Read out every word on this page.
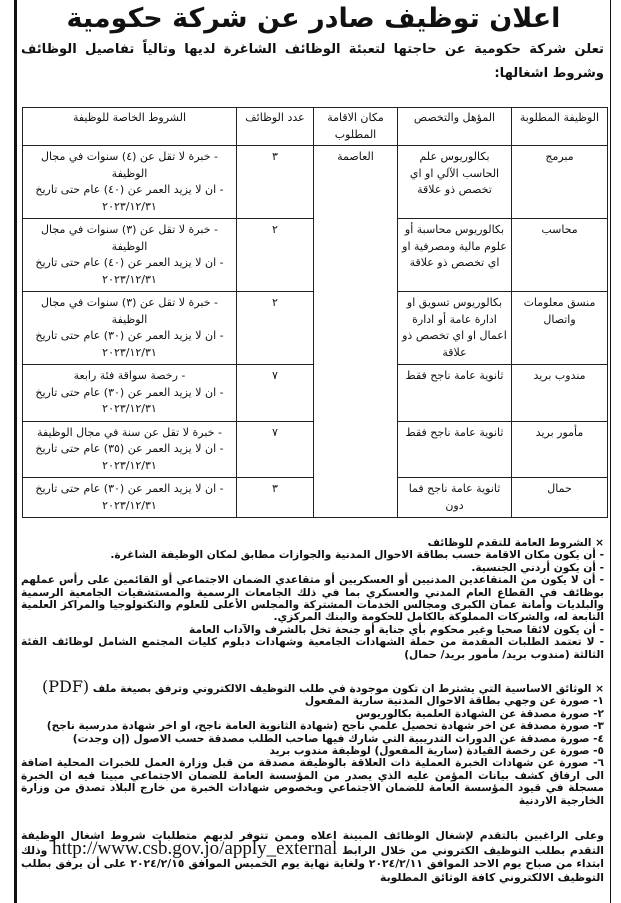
اعلان توظيف صادر عن شركة حكومية
تعلن شركة حكومية عن حاجتها لتعبئة الوظائف الشاغرة لديها وتالياً تفاصيل الوظائف وشروط اشغالها:
الوظيفة المطلوبة	المؤهل والتخصص	مكان الاقامة المطلوب	عدد الوظائف	الشروط الخاصة للوظيفة
مبرمج	بكالوريوس علم الحاسب الآلي او اي تخصص ذو علاقة	العاصمة	٣	- خبرة لا تقل عن (٤) سنوات في مجال الوظيفة
- ان لا يزيد العمر عن (٤٠) عام حتى تاريخ ٢٠٢٣/١٢/٣١

محاسب	بكالوريوس محاسبة أو علوم مالية ومصرفية او اي تخصص ذو علاقة		٢	- خبرة لا تقل عن (٣) سنوات في مجال الوظيفة
- ان لا يزيد العمر عن (٤٠) عام حتى تاريخ ٢٠٢٣/١٢/٣١

منسق معلومات واتصال	بكالوريوس تسويق او ادارة عامة أو ادارة اعمال او اي تخصص ذو علاقة		٢	- خبرة لا تقل عن (٣) سنوات في مجال الوظيفة
- ان لا يزيد العمر عن (٣٠) عام حتى تاريخ ٢٠٢٣/١٢/٣١

مندوب بريد	ثانوية عامة ناجح فقط		٧	- رخصة سواقة فئة رابعة
- ان لا يزيد العمر عن (٣٠) عام حتى تاريخ ٢٠٢٣/١٢/٣١

مأمور بريد	ثانوية عامة ناجح فقط		٧	- خبرة لا تقل عن سنة في مجال الوظيفة
- ان لا يزيد العمر عن (٣٥) عام حتى تاريخ ٢٠٢٣/١٢/٣١

حمال	ثانوية عامة ناجح فما دون		٣	- ان لا يزيد العمر عن (٣٠) عام حتى تاريخ ٢٠٢٣/١٢/٣١
× الشروط العامة للتقدم للوظائف
- أن يكون مكان الاقامة حسب بطاقة الاحوال المدنية والجوازات مطابق لمكان الوظيفة الشاغرة.
- أن يكون أردني الجنسية.
- أن لا يكون من المتقاعدين المدنيين أو العسكريين أو متقاعدي الضمان الاجتماعي أو القائمين على رأس عملهم بوظائف في القطاع العام المدني والعسكري بما في ذلك الجامعات الرسمية والمستشفيات الجامعية الرسمية والبلديات وأمانة عمان الكبرى ومجالس الخدمات المشتركة والمجلس الأعلى للعلوم والتكنولوجيا والمراكز العلمية التابعة له، والشركات المملوكة بالكامل للحكومة والبنك المركزي.
- أن يكون لائقا صحيا وغير محكوم بأي جناية أو جنحة تخل بالشرف والآداب العامة
- لا تعتمد الطلبات المقدمة من حملة الشهادات الجامعية وشهادات دبلوم كليات المجتمع الشامل لوظائف الفئة الثالثة (مندوب بريد/ مأمور بريد/ حمال)
× الوثائق الاساسية التي يشترط ان تكون موجودة في طلب التوظيف الالكتروني وترفق بصيغة ملف (PDF)
١- صورة عن وجهي بطاقة الاحوال المدنية سارية المفعول
٢- صورة مصدقة عن الشهادة العلمية بكالوريوس
٣- صورة مصدقة عن اخر شهادة تحصيل علمي ناجح (شهادة الثانوية العامة ناجح، او اخر شهادة مدرسية ناجح)
٤- صورة مصدقة عن الدورات التدريبية التي شارك فيها صاحب الطلب مصدقة حسب الاصول (إن وجدت)
٥- صورة عن رخصة القيادة (سارية المفعول) لوظيفة مندوب بريد
٦- صورة عن شهادات الخبرة العملية ذات العلاقة بالوظيفة مصدقة من قبل وزارة العمل للخبرات المحلية اضافة الى ارفاق كشف بيانات المؤمن عليه الذي يصدر من المؤسسة العامة للضمان الاجتماعي مبينا فيه ان الخبرة مسجلة في قيود المؤسسة العامة للضمان الاجتماعي وبخصوص شهادات الخبرة من خارج البلاد تصدق من وزارة الخارجية الاردنية
وعلى الراغبين بالتقدم لإشغال الوظائف المبينة اعلاه وممن تتوفر لديهم متطلبات شروط اشغال الوظيفة التقدم بطلب التوظيف الكتروني من خلال الرابط http://www.csb.gov.jo/apply_external وذلك ابتداء من صباح يوم الاحد الموافق ٢٠٢٤/٢/١١ ولغاية نهاية يوم الخميس الموافق ٢٠٢٤/٢/١٥ على أن يرفق بطلب التوظيف الالكتروني كافة الوثائق المطلوبة
